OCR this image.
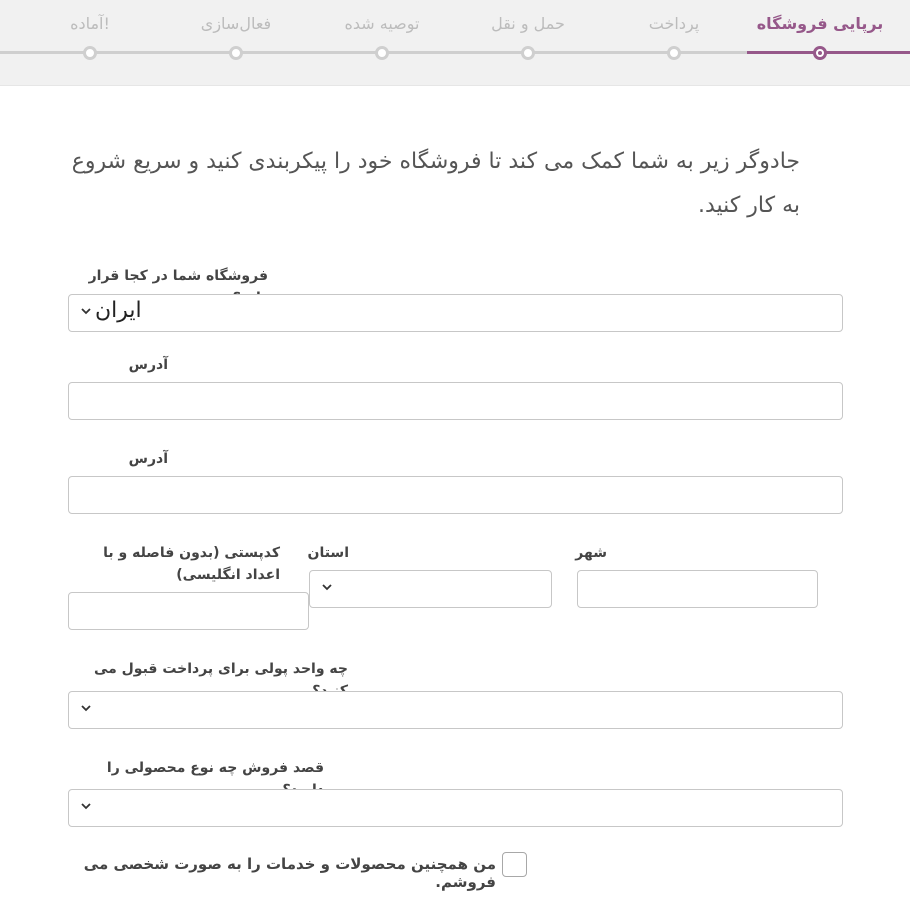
برپایی فروشگاه
پرداخت
حمل و نقل
توصیه شده
فعال‌سازی
آماده!
جادوگر زیر به شما کمک می کند تا فروشگاه خود را پیکربندی کنید و سریع شروع به کار کنید.
فروشگاه شما در کجا قرار
ایران
آدرس
آدرس
کدپستی (بدون فاصله و با اعداد انگلیسی)
استان	شهر
چه واحد پولی برای پرداخت قبول می
قصد فروش چه نوع محصولی را
من همچنین محصولات و خدمات را به صورت شخصی می فروشم.
